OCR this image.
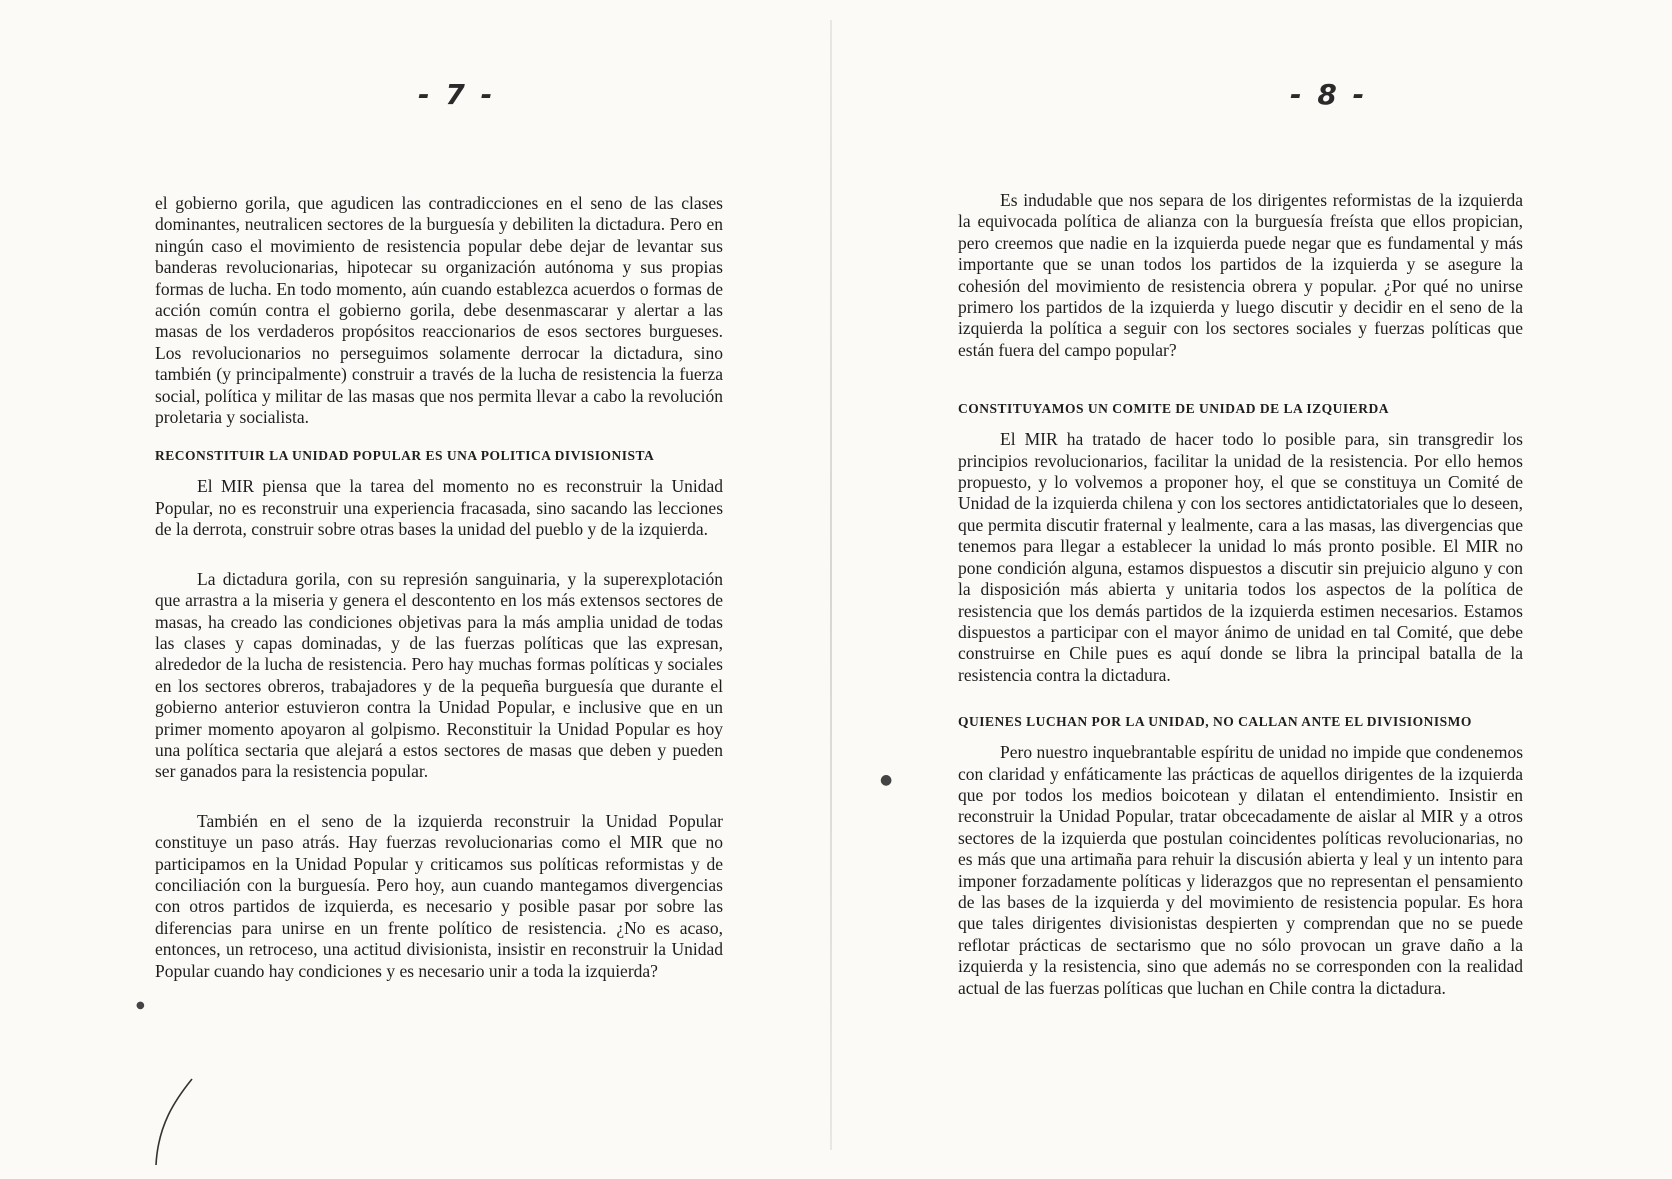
- 7 -

el gobierno gorila, que agudicen las contradicciones en el seno de las clases dominantes, neutralicen sectores de la burguesía y debiliten la dictadura. Pero en ningún caso el movimiento de resistencia popular debe dejar de levantar sus banderas revolucionarias, hipotecar su organización autónoma y sus propias formas de lucha. En todo momento, aún cuando establezca acuerdos o formas de acción común contra el gobierno gorila, debe desenmascarar y alertar a las masas de los verdaderos propósitos reaccionarios de esos sectores burgueses. Los revolucionarios no perseguimos solamente derrocar la dictadura, sino también (y principalmente) construir a través de la lucha de resistencia la fuerza social, política y militar de las masas que nos permita llevar a cabo la revolución proletaria y socialista.

RECONSTITUIR LA UNIDAD POPULAR ES UNA POLITICA DIVISIONISTA

El MIR piensa que la tarea del momento no es reconstruir la Unidad Popular, no es reconstruir una experiencia fracasada, sino sacando las lecciones de la derrota, construir sobre otras bases la unidad del pueblo y de la izquierda.

La dictadura gorila, con su represión sanguinaria, y la superexplotación que arrastra a la miseria y genera el descontento en los más extensos sectores de masas, ha creado las condiciones objetivas para la más amplia unidad de todas las clases y capas dominadas, y de las fuerzas políticas que las expresan, alrededor de la lucha de resistencia. Pero hay muchas formas políticas y sociales en los sectores obreros, trabajadores y de la pequeña burguesía que durante el gobierno anterior estuvieron contra la Unidad Popular, e inclusive que en un primer momento apoyaron al golpismo. Reconstituir la Unidad Popular es hoy una política sectaria que alejará a estos sectores de masas que deben y pueden ser ganados para la resistencia popular.

También en el seno de la izquierda reconstruir la Unidad Popular constituye un paso atrás. Hay fuerzas revolucionarias como el MIR que no participamos en la Unidad Popular y criticamos sus políticas reformistas y de conciliación con la burguesía. Pero hoy, aun cuando mantegamos divergencias con otros partidos de izquierda, es necesario y posible pasar por sobre las diferencias para unirse en un frente político de resistencia. ¿No es acaso, entonces, un retroceso, una actitud divisionista, insistir en reconstruir la Unidad Popular cuando hay condiciones y es necesario unir a toda la izquierda?

- 8 -

Es indudable que nos separa de los dirigentes reformistas de la izquierda la equivocada política de alianza con la burguesía freísta que ellos propician, pero creemos que nadie en la izquierda puede negar que es fundamental y más importante que se unan todos los partidos de la izquierda y se asegure la cohesión del movimiento de resistencia obrera y popular. ¿Por qué no unirse primero los partidos de la izquierda y luego discutir y decidir en el seno de la izquierda la política a seguir con los sectores sociales y fuerzas políticas que están fuera del campo popular?

CONSTITUYAMOS UN COMITE DE UNIDAD DE LA IZQUIERDA

El MIR ha tratado de hacer todo lo posible para, sin transgredir los principios revolucionarios, facilitar la unidad de la resistencia. Por ello hemos propuesto, y lo volvemos a proponer hoy, el que se constituya un Comité de Unidad de la izquierda chilena y con los sectores antidictatoriales que lo deseen, que permita discutir fraternal y lealmente, cara a las masas, las divergencias que tenemos para llegar a establecer la unidad lo más pronto posible. El MIR no pone condición alguna, estamos dispuestos a discutir sin prejuicio alguno y con la disposición más abierta y unitaria todos los aspectos de la política de resistencia que los demás partidos de la izquierda estimen necesarios. Estamos dispuestos a participar con el mayor ánimo de unidad en tal Comité, que debe construirse en Chile pues es aquí donde se libra la principal batalla de la resistencia contra la dictadura.

QUIENES LUCHAN POR LA UNIDAD, NO CALLAN ANTE EL DIVISIONISMO

Pero nuestro inquebrantable espíritu de unidad no impide que condenemos con claridad y enfáticamente las prácticas de aquellos dirigentes de la izquierda que por todos los medios boicotean y dilatan el entendimiento. Insistir en reconstruir la Unidad Popular, tratar obcecadamente de aislar al MIR y a otros sectores de la izquierda que postulan coincidentes políticas revolucionarias, no es más que una artimaña para rehuir la discusión abierta y leal y un intento para imponer forzadamente políticas y liderazgos que no representan el pensamiento de las bases de la izquierda y del movimiento de resistencia popular. Es hora que tales dirigentes divisionistas despierten y comprendan que no se puede reflotar prácticas de sectarismo que no sólo provocan un grave daño a la izquierda y la resistencia, sino que además no se corresponden con la realidad actual de las fuerzas políticas que luchan en Chile contra la dictadura.

●
●
